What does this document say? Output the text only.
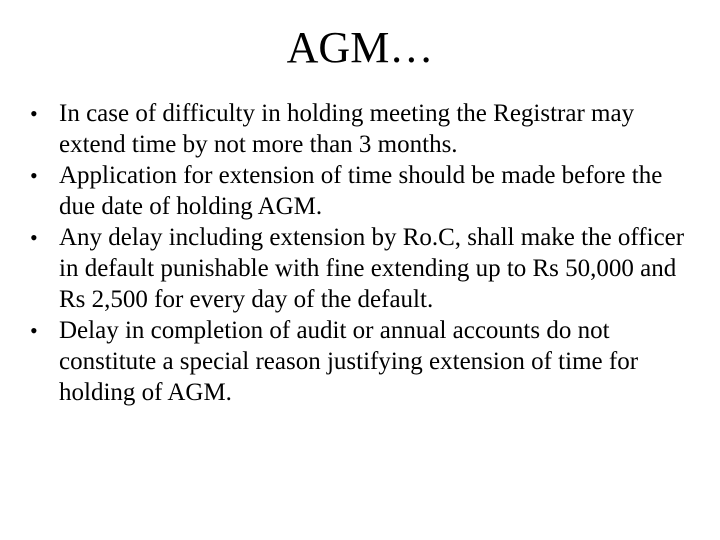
AGM…
• In case of difficulty in holding meeting the Registrar may extend time by not more than 3 months.
• Application for extension of time should be made before the due date of holding AGM.
• Any delay including extension by Ro.C, shall make the officer in default punishable with fine extending up to Rs 50,000 and Rs 2,500 for every day of the default.
• Delay in completion of audit or annual accounts do not constitute a special reason justifying extension of time for holding of AGM.
